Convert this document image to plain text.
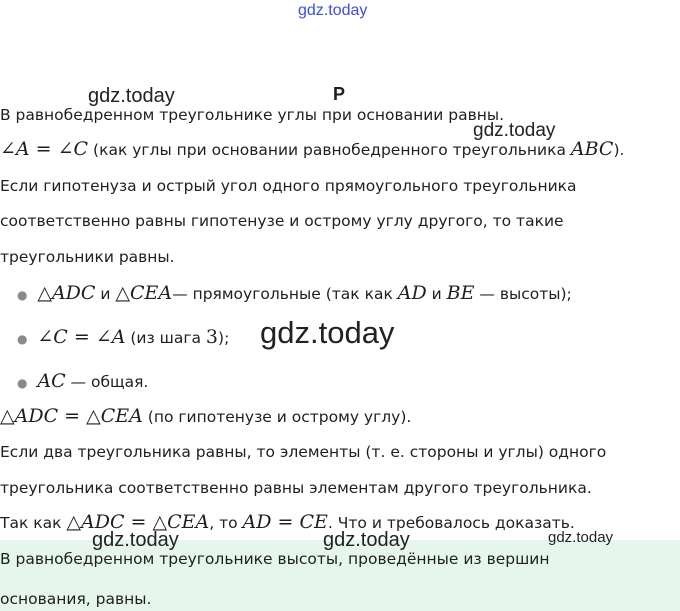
gdz.today
gdz.today
gdz.today
gdz.today
Р
В равнобедренном треугольнике углы при основании равны.
∠A = ∠C (как углы при основании равнобедренного треугольника ABC).
Если гипотенуза и острый угол одного прямоугольного треугольника
соответственно равны гипотенузе и острому углу другого, то такие
треугольники равны.
● △ADC и △CEA— прямоугольные (так как AD и BE — высоты);
● ∠C = ∠A (из шага 3);
● AC — общая.
△ADC = △CEA (по гипотенузе и острому углу).
Если два треугольника равны, то элементы (т. е. стороны и углы) одного
треугольника соответственно равны элементам другого треугольника.
Так как △ADC = △CEA, то AD = CE. Что и требовалось доказать.
В равнобедренном треугольнике высоты, проведённые из вершин
основания, равны.
gdz.today	gdz.today	gdz.today
